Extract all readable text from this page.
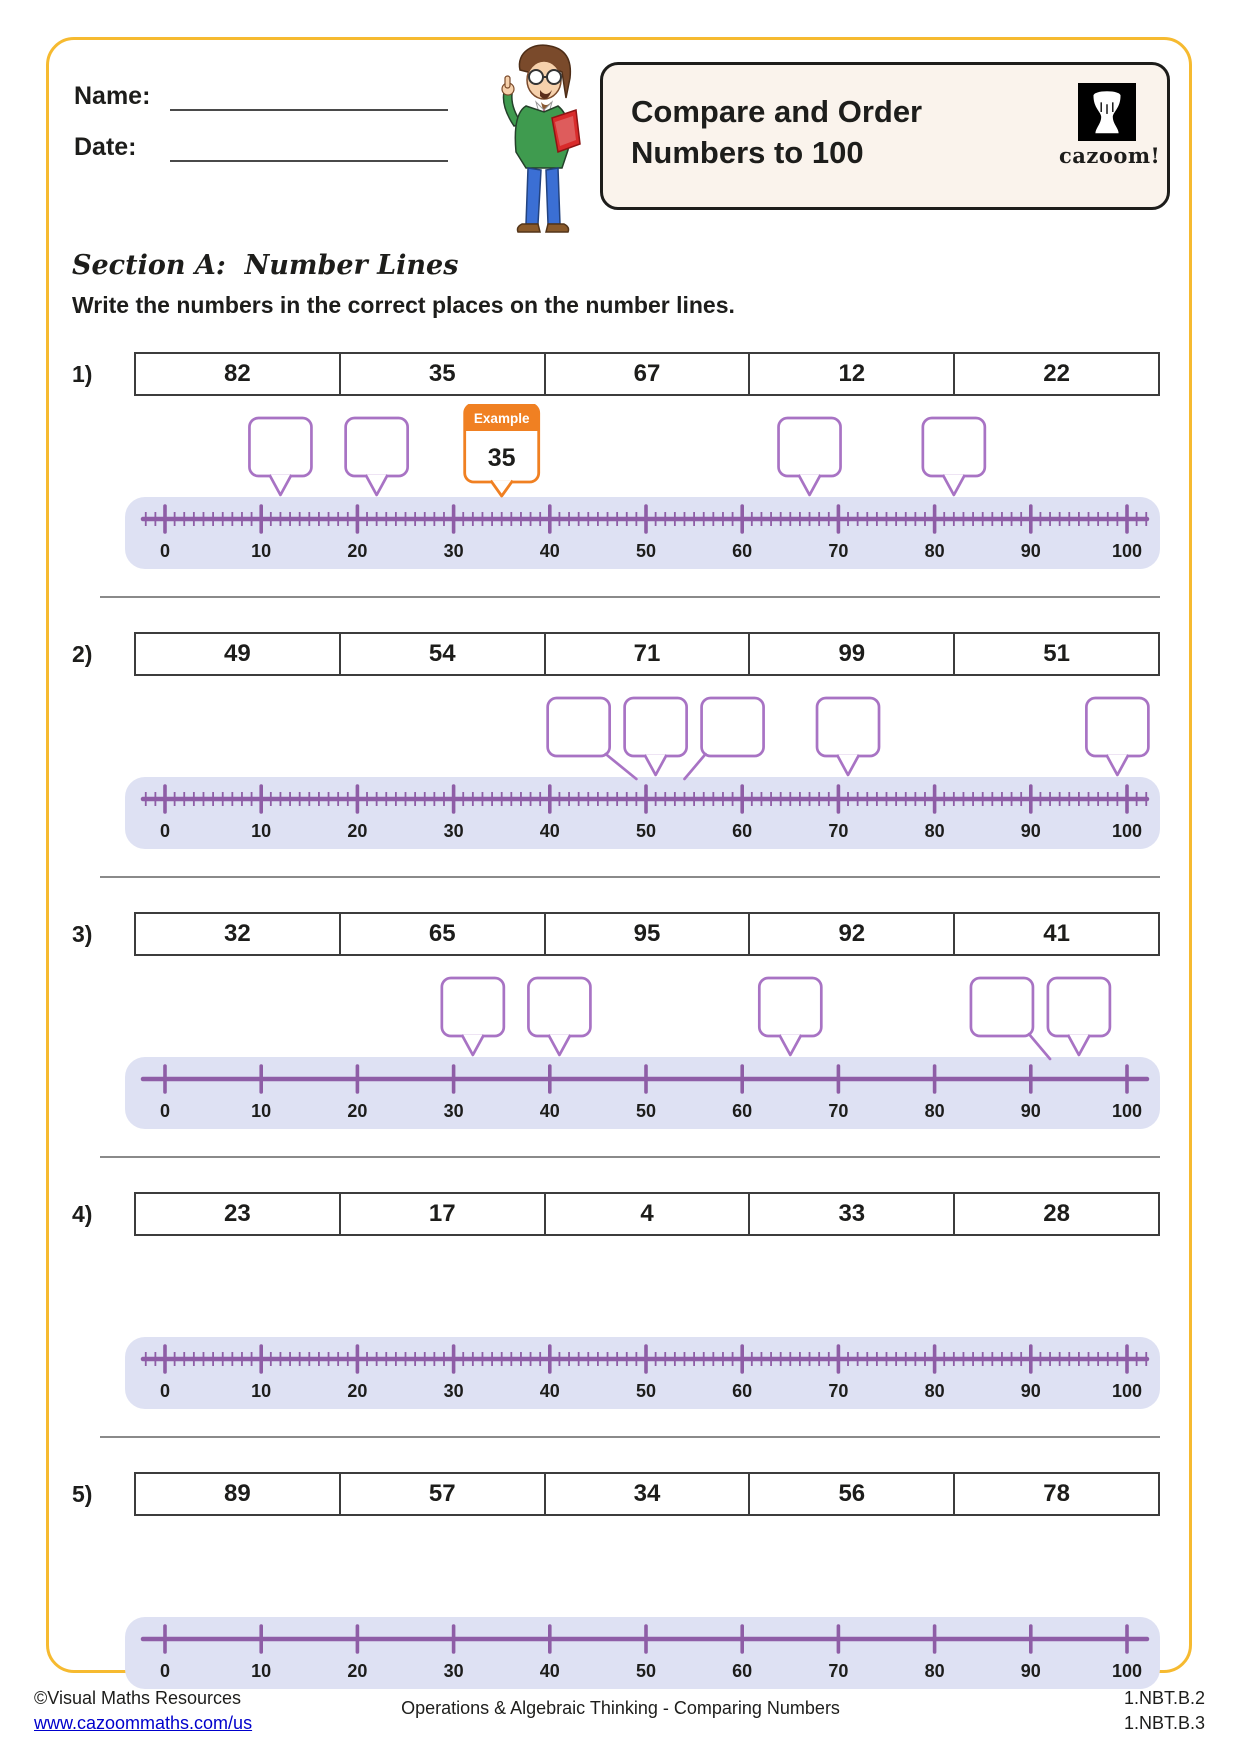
Name:
Date:
Compare and Order
Numbers to 100	cazoom!
Section A:  Number Lines
Write the numbers in the correct places on the number lines.
1)	82	35	67	12	22
0	10	20	30	40	50	60	70	80	90	100
Example
35
2)	49	54	71	99	51
0	10	20	30	40	50	60	70	80	90	100
3)	32	65	95	92	41
0	10	20	30	40	50	60	70	80	90	100
4)	23	17	4	33	28
0	10	20	30	40	50	60	70	80	90	100
5)	89	57	34	56	78
0	10	20	30	40	50	60	70	80	90	100
©Visual Maths Resources
www.cazoommaths.com/us
Operations & Algebraic Thinking - Comparing Numbers	1.NBT.B.2
1.NBT.B.3
